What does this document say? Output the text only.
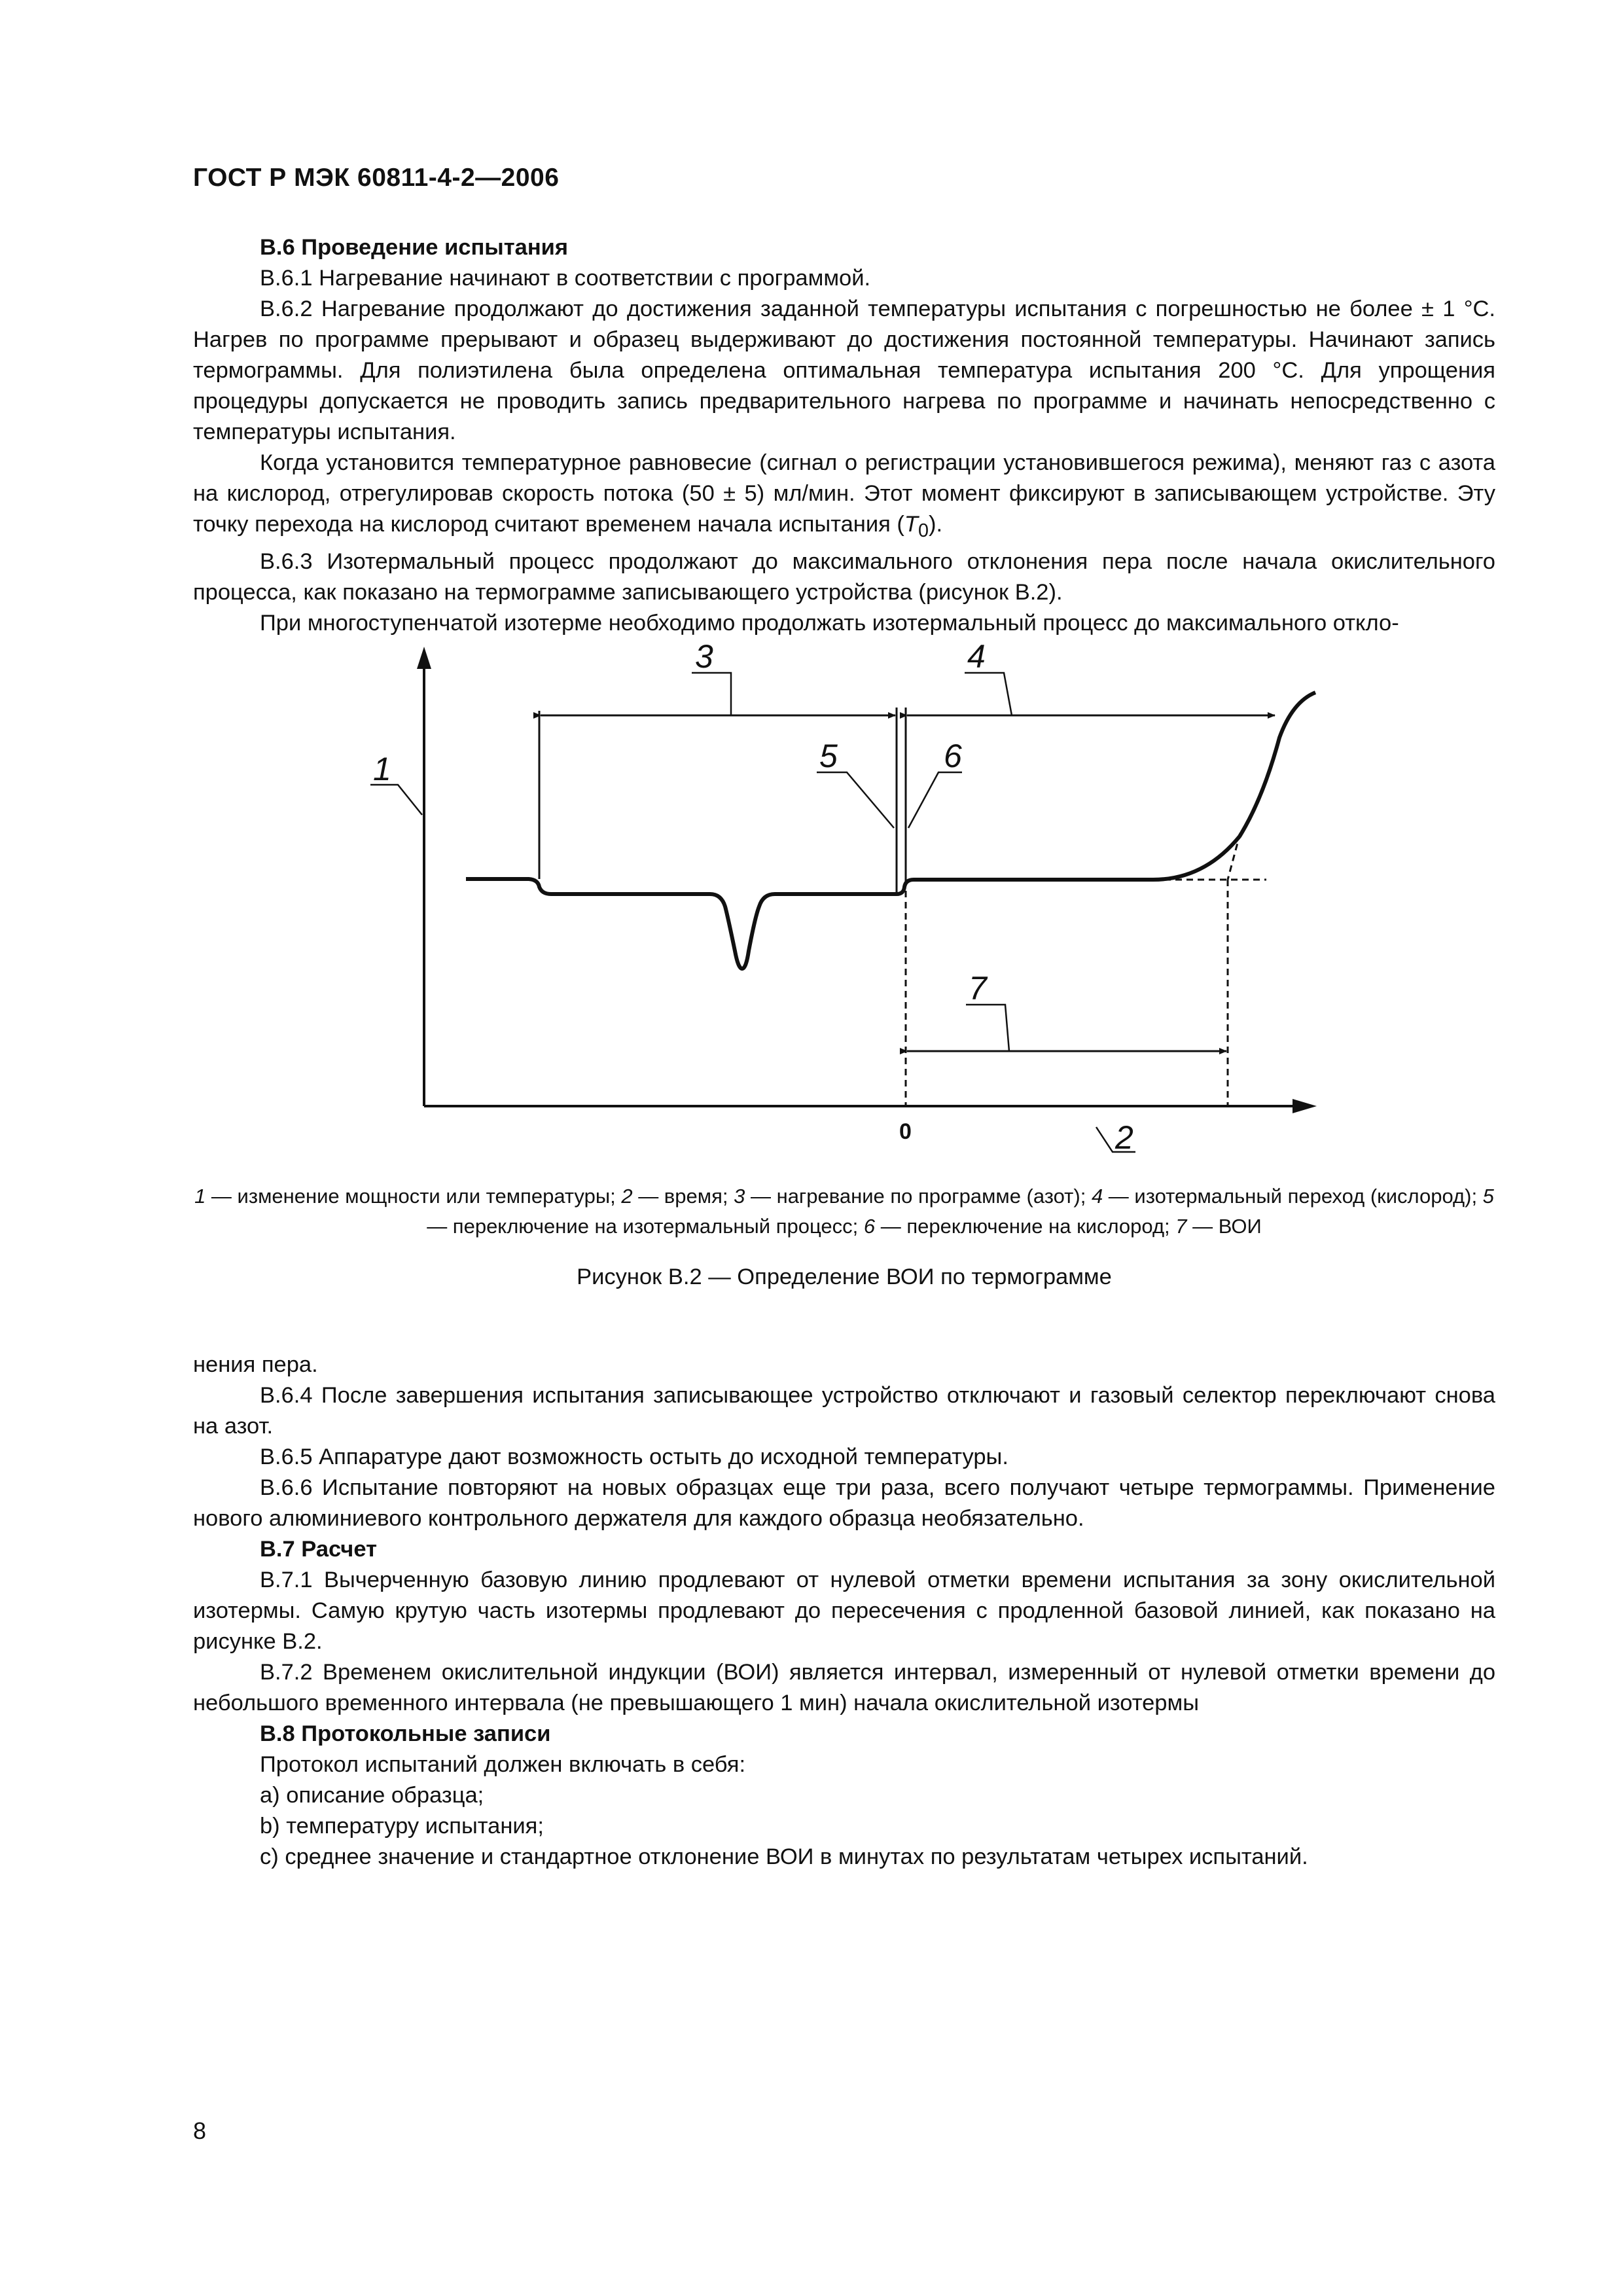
ГОСТ Р МЭК 60811-4-2—2006

В.6 Проведение испытания

В.6.1 Нагревание начинают в соответствии с программой.

В.6.2 Нагревание продолжают до достижения заданной температуры испытания с погрешностью не более ± 1 °С. Нагрев по программе прерывают и образец выдерживают до достижения постоянной температуры. Начинают запись термограммы. Для полиэтилена была определена оптимальная температура испытания 200 °С. Для упрощения процедуры допускается не проводить запись предварительного нагрева по программе и начинать непосредственно с температуры испытания.

Когда установится температурное равновесие (сигнал о регистрации установившегося режима), меняют газ с азота на кислород, отрегулировав скорость потока (50 ± 5) мл/мин. Этот момент фиксируют в записывающем устройстве. Эту точку перехода на кислород считают временем начала испытания $(T_0)$.

В.6.3 Изотермальный процесс продолжают до максимального отклонения пера после начала окислительного процесса, как показано на термограмме записывающего устройства (рисунок В.2).

При многоступенчатой изотерме необходимо продолжать изотермальный процесс до максимального откло-

1
2
3	4
5	6
7
0
1 — изменение мощности или температуры; 2 — время; 3 — нагревание по программе (азот); 4 — изотермальный переход (кислород); 5 — переключение на изотермальный процесс; 6 — переключение на кислород; 7 — ВОИ
Рисунок В.2 — Определение ВОИ по термограмме

нения пера.

В.6.4 После завершения испытания записывающее устройство отключают и газовый селектор переключают снова на азот.

В.6.5 Аппаратуре дают возможность остыть до исходной температуры.

В.6.6 Испытание повторяют на новых образцах еще три раза, всего получают четыре термограммы. Применение нового алюминиевого контрольного держателя для каждого образца необязательно.

В.7 Расчет

В.7.1 Вычерченную базовую линию продлевают от нулевой отметки времени испытания за зону окислительной изотермы. Самую крутую часть изотермы продлевают до пересечения с продленной базовой линией, как показано на рисунке В.2.

В.7.2 Временем окислительной индукции (ВОИ) является интервал, измеренный от нулевой отметки времени до небольшого временного интервала (не превышающего 1 мин) начала окислительной изотермы

В.8 Протокольные записи

Протокол испытаний должен включать в себя:

a) описание образца;

b) температуру испытания;

c) среднее значение и стандартное отклонение ВОИ в минутах по результатам четырех испытаний.

8
